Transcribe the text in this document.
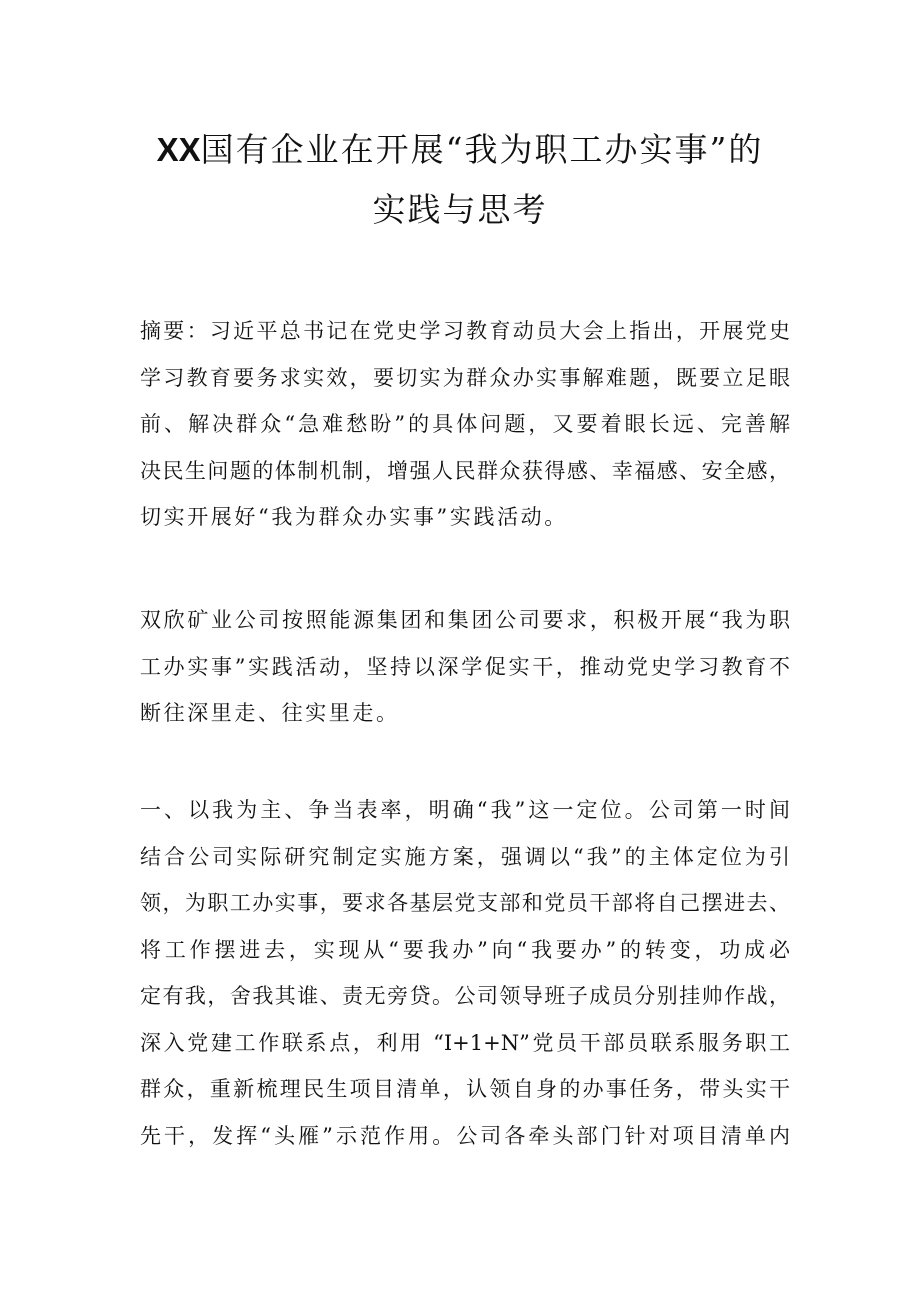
XX国有企业在开展“我为职工办实事”的
实践与思考
摘要：习近平总书记在党史学习教育动员大会上指出，开展党史
学习教育要务求实效，要切实为群众办实事解难题，既要立足眼
前、解决群众“急难愁盼”的具体问题，又要着眼长远、完善解
决民生问题的体制机制，增强人民群众获得感、幸福感、安全感，
切实开展好“我为群众办实事”实践活动。
双欣矿业公司按照能源集团和集团公司要求，积极开展“我为职
工办实事”实践活动，坚持以深学促实干，推动党史学习教育不
断往深里走、往实里走。
一、以我为主、争当表率，明确“我”这一定位。公司第一时间
结合公司实际研究制定实施方案，强调以“我”的主体定位为引
领，为职工办实事，要求各基层党支部和党员干部将自己摆进去、
将工作摆进去，实现从“要我办”向“我要办”的转变，功成必
定有我，舍我其谁、责无旁贷。公司领导班子成员分别挂帅作战，
深入党建工作联系点，利用 “I+1+N”党员干部员联系服务职工
群众，重新梳理民生项目清单，认领自身的办事任务，带头实干
先干，发挥“头雁”示范作用。公司各牵头部门针对项目清单内
